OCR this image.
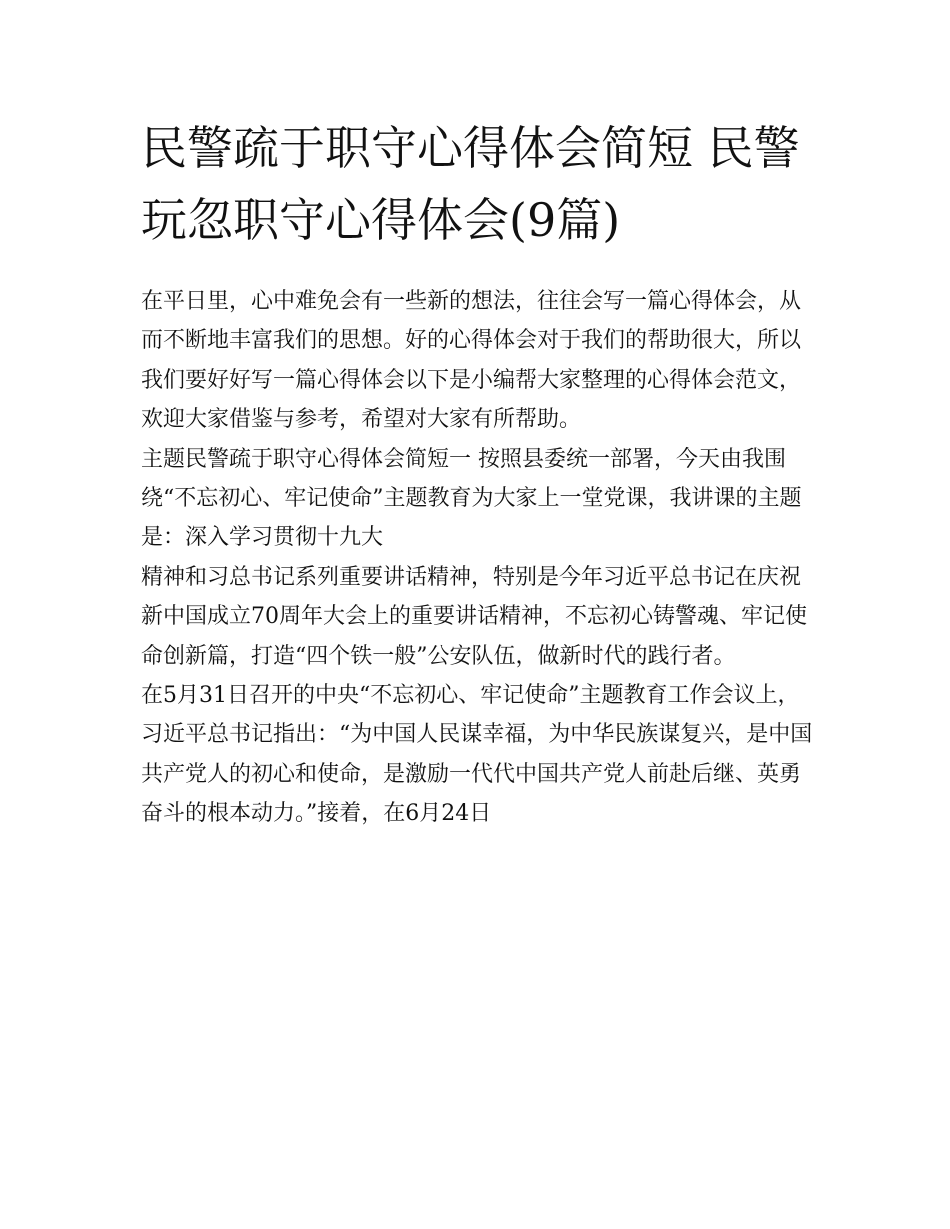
民警疏于职守心得体会简短 民警玩忽职守心得体会(9篇)

在平日里，心中难免会有一些新的想法，往往会写一篇心得体会，从而不断地丰富我们的思想。好的心得体会对于我们的帮助很大，所以我们要好好写一篇心得体会以下是小编帮大家整理的心得体会范文，欢迎大家借鉴与参考，希望对大家有所帮助。

主题民警疏于职守心得体会简短一 按照县委统一部署，今天由我围绕“不忘初心、牢记使命”主题教育为大家上一堂党课，我讲课的主题是：深入学习贯彻十九大

精神和习总书记系列重要讲话精神，特别是今年习近平总书记在庆祝新中国成立70周年大会上的重要讲话精神，不忘初心铸警魂、牢记使命创新篇，打造“四个铁一般”公安队伍，做新时代的践行者。

在5月31日召开的中央“不忘初心、牢记使命”主题教育工作会议上，习近平总书记指出：“为中国人民谋幸福，为中华民族谋复兴，是中国共产党人的初心和使命，是激励一代代中国共产党人前赴后继、英勇奋斗的根本动力。”接着，在6月24日
